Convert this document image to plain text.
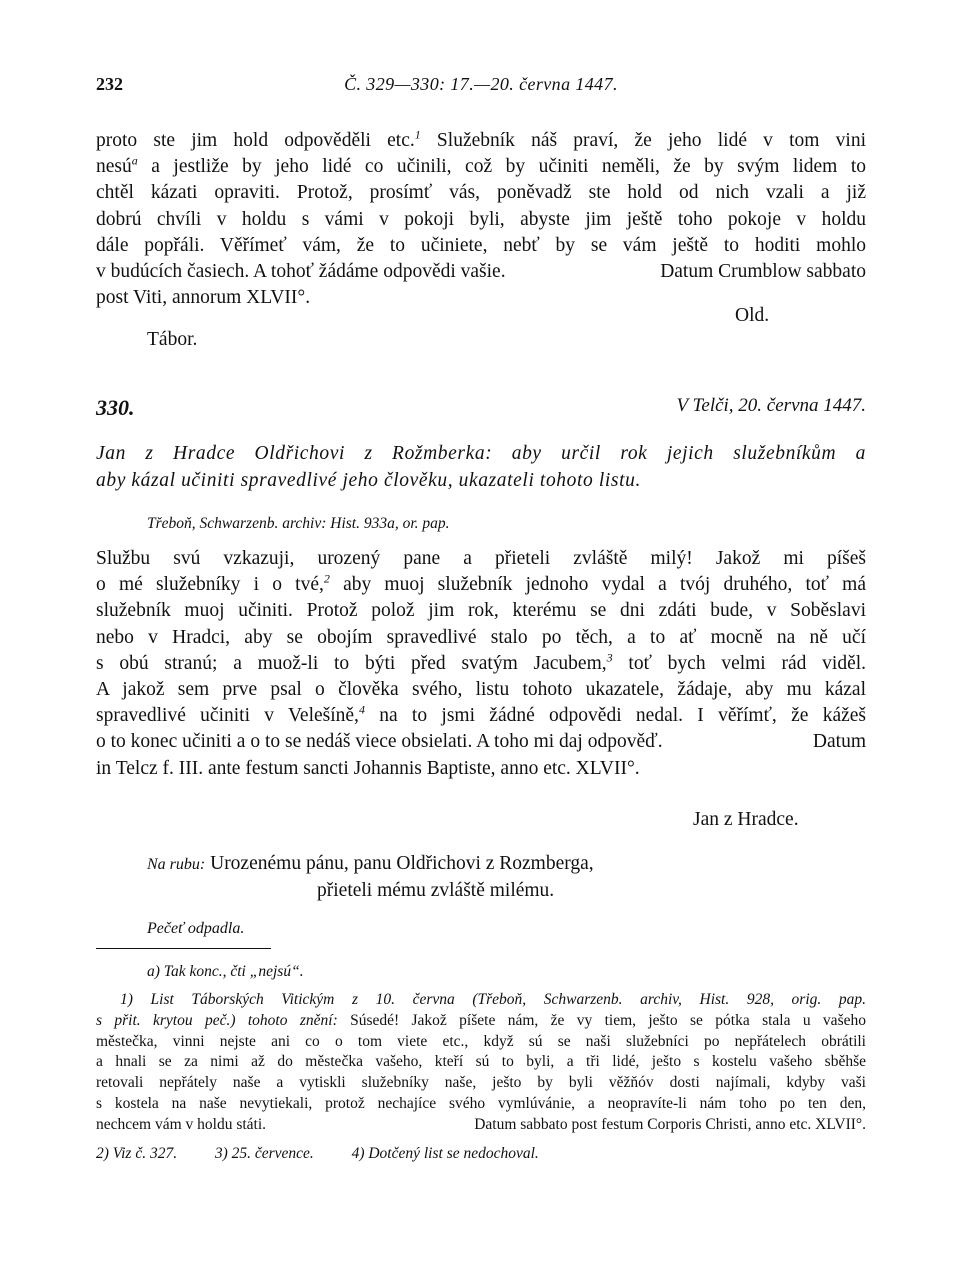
232	Č. 329—330: 17.—20. června 1447.
proto ste jim hold odpověděli etc.$^1$ Služebník náš praví, že jeho lidé v tom vini
nesú$^a$ a jestliže by jeho lidé co učinili, což by učiniti neměli, že by svým lidem to
chtěl kázati opraviti. Protož, prosímť vás, poněvadž ste hold od nich vzali a již
dobrú chvíli v holdu s vámi v pokoji byli, abyste jim ještě toho pokoje v holdu
dále popřáli. Věřímeť vám, že to učiniete, nebť by se vám ještě to hoditi mohlo
v budúcích časiech. A tohoť žádáme odpovědi vašie.	Datum Crumblow sabbato
post Viti, annorum XLVII°.
Old.
Tábor.
330.	V Telči, 20. června 1447.
Jan z Hradce Oldřichovi z Rožmberka: aby určil rok jejich služebníkům a
aby kázal učiniti spravedlivé jeho člověku, ukazateli tohoto listu.
Třeboň, Schwarzenb. archiv: Hist. 933a, or. pap.
Službu svú vzkazuji, urozený pane a přieteli zvláště milý! Jakož mi píšeš
o mé služebníky i o tvé,$^2$ aby muoj služebník jednoho vydal a tvój druhého, toť má
služebník muoj učiniti. Protož polož jim rok, kterému se dni zdáti bude, v Soběslavi
nebo v Hradci, aby se obojím spravedlivé stalo po těch, a to ať mocně na ně učí
s obú stranú; a muož-li to býti před svatým Jacubem,$^3$ toť bych velmi rád viděl.
A jakož sem prve psal o člověka svého, listu tohoto ukazatele, žádaje, aby mu kázal
spravedlivé učiniti v Velešíně,$^4$ na to jsmi žádné odpovědi nedal. I věřímť, že kážeš
o to konec učiniti a o to se nedáš viece obsielati. A toho mi daj odpověď.	Datum
in Telcz f. III. ante festum sancti Johannis Baptiste, anno etc. XLVII°.
Jan z Hradce.
Na rubu: Urozenému pánu, panu Oldřichovi z Rozmberga,
přieteli mému zvláště milému.
Pečeť odpadla.
a) Tak konc., čti „nejsú“.
1) List Táborských Vitickým z 10. června (Třeboň, Schwarzenb. archiv, Hist. 928, orig. pap.
s přit. krytou peč.) tohoto znění: Súsedé! Jakož píšete nám, že vy tiem, ješto se pótka stala u vašeho
městečka, vinni nejste ani co o tom viete etc., když sú se naši služebníci po nepřátelech obrátili
a hnali se za nimi až do městečka vašeho, kteří sú to byli, a tři lidé, ješto s kostelu vašeho sběhše
retovali nepřátely naše a vytiskli služebníky naše, ješto by byli věžňóv dosti najímali, kdyby vaši
s kostela na naše nevytiekali, protož nechajíce svého vymlúvánie, a neopravíte-li nám toho po ten den,
nechcem vám v holdu státi.	Datum sabbato post festum Corporis Christi, anno etc. XLVII°.
2) Viz č. 327. 3) 25. července. 4) Dotčený list se nedochoval.
